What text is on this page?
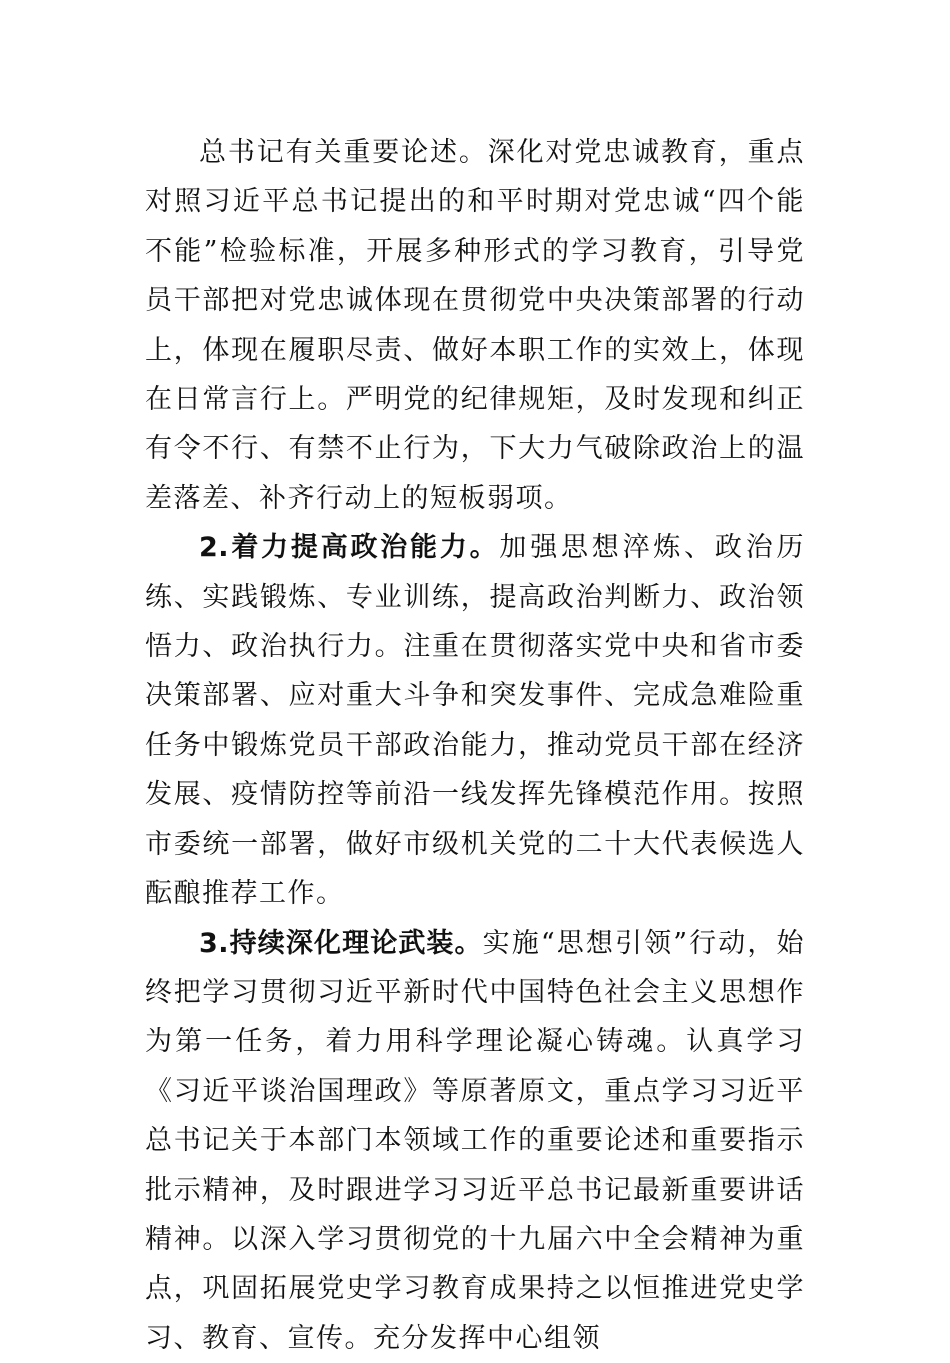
总书记有关重要论述。深化对党忠诚教育，重点对照习近平总书记提出的和平时期对党忠诚“四个能不能”检验标准，开展多种形式的学习教育，引导党员干部把对党忠诚体现在贯彻党中央决策部署的行动上，体现在履职尽责、做好本职工作的实效上，体现在日常言行上。严明党的纪律规矩，及时发现和纠正有令不行、有禁不止行为，下大力气破除政治上的温差落差、补齐行动上的短板弱项。

2.着力提高政治能力。加强思想淬炼、政治历练、实践锻炼、专业训练，提高政治判断力、政治领悟力、政治执行力。注重在贯彻落实党中央和省市委决策部署、应对重大斗争和突发事件、完成急难险重任务中锻炼党员干部政治能力，推动党员干部在经济发展、疫情防控等前沿一线发挥先锋模范作用。按照市委统一部署，做好市级机关党的二十大代表候选人酝酿推荐工作。

3.持续深化理论武装。实施“思想引领”行动，始终把学习贯彻习近平新时代中国特色社会主义思想作为第一任务，着力用科学理论凝心铸魂。认真学习《习近平谈治国理政》等原著原文，重点学习习近平总书记关于本部门本领域工作的重要论述和重要指示批示精神，及时跟进学习习近平总书记最新重要讲话精神。以深入学习贯彻党的十九届六中全会精神为重点，巩固拓展党史学习教育成果持之以恒推进党史学习、教育、宣传。充分发挥中心组领
